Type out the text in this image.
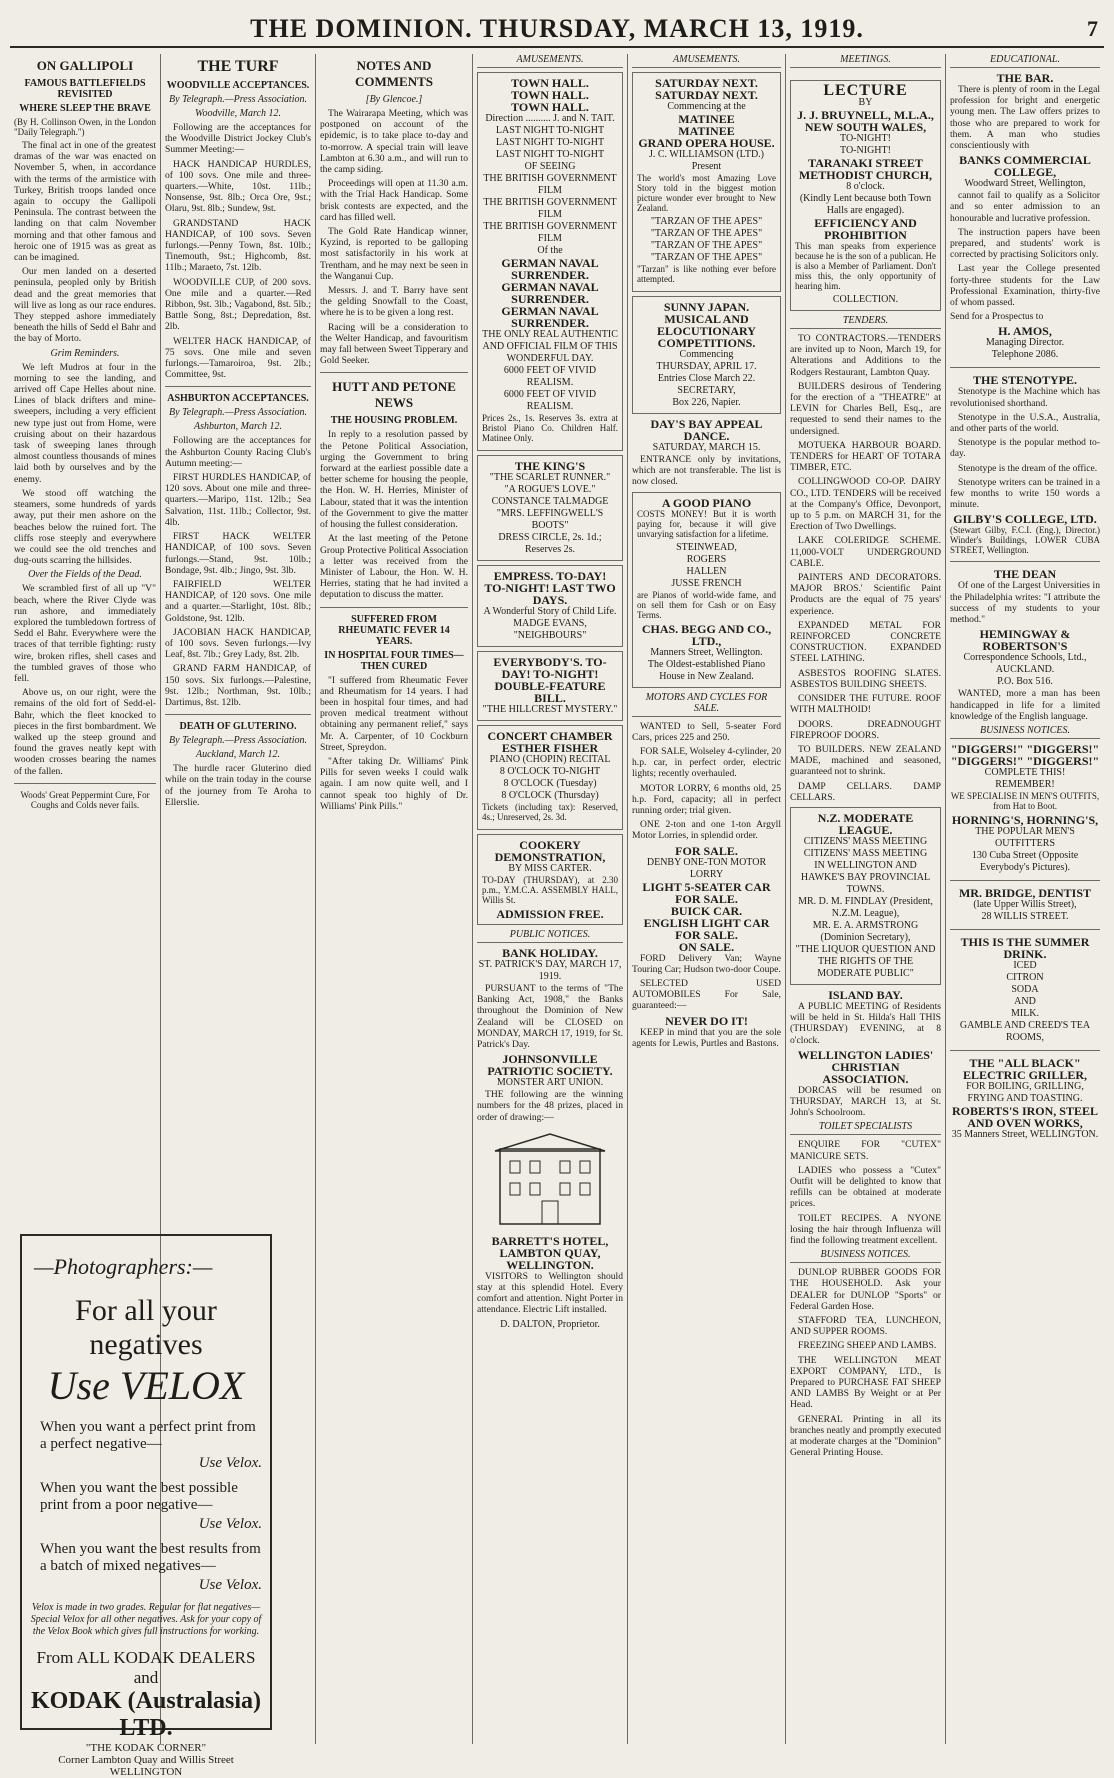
THE DOMINION. THURSDAY, MARCH 13, 1919.	7
ON GALLIPOLI
FAMOUS BATTLEFIELDS REVISITED
WHERE SLEEP THE BRAVE

(By H. Collinson Owen, in the London "Daily Telegraph.")

The final act in one of the greatest dramas of the war was enacted on November 5, when, in accordance with the terms of the armistice with Turkey, British troops landed once again to occupy the Gallipoli Peninsula. The contrast between the landing on that calm November morning and that other famous and heroic one of 1915 was as great as can be imagined.

Our men landed on a deserted peninsula, peopled only by British dead and the great memories that will live as long as our race endures. They stepped ashore immediately beneath the hills of Sedd el Bahr and the bay of Morto.

Grim Reminders.

We left Mudros at four in the morning to see the landing, and arrived off Cape Helles about nine. Lines of black drifters and mine-sweepers, including a very efficient new type just out from Home, were cruising about on their hazardous task of sweeping lanes through almost countless thousands of mines laid both by ourselves and by the enemy.

We stood off watching the steamers, some hundreds of yards away, put their men ashore on the beaches below the ruined fort. The cliffs rose steeply and everywhere we could see the old trenches and dug-outs scarring the hillsides.

Over the Fields of the Dead.

We scrambled first of all up "V" beach, where the River Clyde was run ashore, and immediately explored the tumbledown fortress of Sedd el Bahr. Everywhere were the traces of that terrible fighting: rusty wire, broken rifles, shell cases and the tumbled graves of those who fell.

Above us, on our right, were the remains of the old fort of Sedd-el-Bahr, which the fleet knocked to pieces in the first bombardment. We walked up the steep ground and found the graves neatly kept with wooden crosses bearing the names of the fallen.

Woods' Great Peppermint Cure, For Coughs and Colds never fails.

THE TURF
WOODVILLE ACCEPTANCES.
By Telegraph.—Press Association.
Woodville, March 12.

Following are the acceptances for the Woodville District Jockey Club's Summer Meeting:—

HACK HANDICAP HURDLES, of 100 sovs. One mile and three-quarters.—White, 10st. 11lb.; Nonsense, 9st. 8lb.; Orca Ore, 9st.; Olaru, 9st. 8lb.; Sundew, 9st.

GRANDSTAND HACK HANDICAP, of 100 sovs. Seven furlongs.—Penny Town, 8st. 10lb.; Tinemouth, 9st.; Highcomb, 8st. 11lb.; Maraeto, 7st. 12lb.

WOODVILLE CUP, of 200 sovs. One mile and a quarter.—Red Ribbon, 9st. 3lb.; Vagabond, 8st. 5lb.; Battle Song, 8st.; Depredation, 8st. 2lb.

WELTER HACK HANDICAP, of 75 sovs. One mile and seven furlongs.—Tamaroiroa, 9st. 2lb.; Committee, 9st.

ASHBURTON ACCEPTANCES.
By Telegraph.—Press Association.
Ashburton, March 12.

Following are the acceptances for the Ashburton County Racing Club's Autumn meeting:—

FIRST HURDLES HANDICAP, of 120 sovs. About one mile and three-quarters.—Maripo, 11st. 12lb.; Sea Salvation, 11st. 11lb.; Collector, 9st. 4lb.

FIRST HACK WELTER HANDICAP, of 100 sovs. Seven furlongs.—Stand, 9st. 10lb.; Bondage, 9st. 4lb.; Jingo, 9st. 3lb.

FAIRFIELD WELTER HANDICAP, of 120 sovs. One mile and a quarter.—Starlight, 10st. 8lb.; Goldstone, 9st. 12lb.

JACOBIAN HACK HANDICAP, of 100 sovs. Seven furlongs.—Ivy Leaf, 8st. 7lb.; Grey Lady, 8st. 2lb.

GRAND FARM HANDICAP, of 150 sovs. Six furlongs.—Palestine, 9st. 12lb.; Northman, 9st. 10lb.; Dartimus, 8st. 12lb.

DEATH OF GLUTERINO.
By Telegraph.—Press Association.
Auckland, March 12.

The hurdle racer Gluterino died while on the train today in the course of the journey from Te Aroha to Ellerslie.

—Photographers:—
For all your negatives
Use VELOX
When you want a perfect print from a perfect negative—
Use Velox.
When you want the best possible print from a poor negative—
Use Velox.
When you want the best results from a batch of mixed negatives—
Use Velox.
Velox is made in two grades. Regular for flat negatives—Special Velox for all other negatives. Ask for your copy of the Velox Book which gives full instructions for working.
From ALL KODAK DEALERS and
KODAK (Australasia) LTD.
"THE KODAK CORNER"
Corner Lambton Quay and Willis Street
WELLINGTON
NOTES AND COMMENTS
[By Glencoe.]

The Wairarapa Meeting, which was postponed on account of the epidemic, is to take place to-day and to-morrow. A special train will leave Lambton at 6.30 a.m., and will run to the camp siding.

Proceedings will open at 11.30 a.m. with the Trial Hack Handicap. Some brisk contests are expected, and the card has filled well.

The Gold Rate Handicap winner, Kyzind, is reported to be galloping most satisfactorily in his work at Trentham, and he may next be seen in the Wanganui Cup.

Messrs. J. and T. Barry have sent the gelding Snowfall to the Coast, where he is to be given a long rest.

Racing will be a consideration to the Welter Handicap, and favouritism may fall between Sweet Tipperary and Gold Seeker.

HUTT AND PETONE NEWS
THE HOUSING PROBLEM.

In reply to a resolution passed by the Petone Political Association, urging the Government to bring forward at the earliest possible date a better scheme for housing the people, the Hon. W. H. Herries, Minister of Labour, stated that it was the intention of the Government to give the matter of housing the fullest consideration.

At the last meeting of the Petone Group Protective Political Association a letter was received from the Minister of Labour, the Hon. W. H. Herries, stating that he had invited a deputation to discuss the matter.

SUFFERED FROM RHEUMATIC FEVER 14 YEARS.
IN HOSPITAL FOUR TIMES—THEN CURED

"I suffered from Rheumatic Fever and Rheumatism for 14 years. I had been in hospital four times, and had proven medical treatment without obtaining any permanent relief," says Mr. A. Carpenter, of 10 Cockburn Street, Spreydon.

"After taking Dr. Williams' Pink Pills for seven weeks I could walk again. I am now quite well, and I cannot speak too highly of Dr. Williams' Pink Pills."

AMUSEMENTS.
TOWN HALL.
TOWN HALL.
TOWN HALL.
Direction .......... J. and N. TAIT.
LAST NIGHT TO-NIGHT
LAST NIGHT TO-NIGHT
LAST NIGHT TO-NIGHT
OF SEEING
THE BRITISH GOVERNMENT FILM
THE BRITISH GOVERNMENT FILM
THE BRITISH GOVERNMENT FILM
Of the
GERMAN NAVAL SURRENDER.
GERMAN NAVAL SURRENDER.
GERMAN NAVAL SURRENDER.
THE ONLY REAL AUTHENTIC AND OFFICIAL FILM OF THIS WONDERFUL DAY.
6000 FEET OF VIVID REALISM.
6000 FEET OF VIVID REALISM.

Prices 2s., 1s. Reserves 3s. extra at Bristol Piano Co. Children Half. Matinee Only.

THE KING'S
"THE SCARLET RUNNER."
"A ROGUE'S LOVE."
CONSTANCE TALMADGE
"MRS. LEFFINGWELL'S BOOTS"
DRESS CIRCLE, 2s. 1d.; Reserves 2s.
EMPRESS. TO-DAY! TO-NIGHT! LAST TWO DAYS.
A Wonderful Story of Child Life.
MADGE EVANS,
"NEIGHBOURS"
EVERYBODY'S. TO-DAY! TO-NIGHT! DOUBLE-FEATURE BILL.
"THE HILLCREST MYSTERY."
CONCERT CHAMBER
ESTHER FISHER
PIANO (CHOPIN) RECITAL
8 O'CLOCK TO-NIGHT
8 O'CLOCK (Tuesday)
8 O'CLOCK (Thursday)

Tickets (including tax): Reserved, 4s.; Unreserved, 2s. 3d.

COOKERY DEMONSTRATION,
BY MISS CARTER.

TO-DAY (THURSDAY), at 2.30 p.m., Y.M.C.A. ASSEMBLY HALL, Willis St.

ADMISSION FREE.
PUBLIC NOTICES.
BANK HOLIDAY.
ST. PATRICK'S DAY, MARCH 17, 1919.

PURSUANT to the terms of "The Banking Act, 1908," the Banks throughout the Dominion of New Zealand will be CLOSED on MONDAY, MARCH 17, 1919, for St. Patrick's Day.

JOHNSONVILLE PATRIOTIC SOCIETY.
MONSTER ART UNION.

THE following are the winning numbers for the 48 prizes, placed in order of drawing:—

BARRETT'S HOTEL, LAMBTON QUAY, WELLINGTON.

VISITORS to Wellington should stay at this splendid Hotel. Every comfort and attention. Night Porter in attendance. Electric Lift installed.

D. DALTON, Proprietor.
AMUSEMENTS.
SATURDAY NEXT.
SATURDAY NEXT.
Commencing at the
MATINEE
MATINEE
GRAND OPERA HOUSE.
J. C. WILLIAMSON (LTD.)
Present

The world's most Amazing Love Story told in the biggest motion picture wonder ever brought to New Zealand.

"TARZAN OF THE APES"
"TARZAN OF THE APES"
"TARZAN OF THE APES"
"TARZAN OF THE APES"

"Tarzan" is like nothing ever before attempted.

SUNNY JAPAN.
MUSICAL AND ELOCUTIONARY COMPETITIONS.
Commencing
THURSDAY, APRIL 17.
Entries Close March 22.
SECRETARY,
Box 226, Napier.
DAY'S BAY APPEAL DANCE.
SATURDAY, MARCH 15.

ENTRANCE only by invitations, which are not transferable. The list is now closed.

A GOOD PIANO

COSTS MONEY! But it is worth paying for, because it will give unvarying satisfaction for a lifetime.

STEINWEAD,
ROGERS
HALLEN
JUSSE FRENCH

are Pianos of world-wide fame, and on sell them for Cash or on Easy Terms.

CHAS. BEGG AND CO., LTD.,
Manners Street, Wellington.
The Oldest-established Piano House in New Zealand.
MOTORS AND CYCLES FOR SALE.

WANTED to Sell, 5-seater Ford Cars, prices 225 and 250.

FOR SALE, Wolseley 4-cylinder, 20 h.p. car, in perfect order, electric lights; recently overhauled.

MOTOR LORRY, 6 months old, 25 h.p. Ford, capacity; all in perfect running order; trial given.

ONE 2-ton and one 1-ton Argyll Motor Lorries, in splendid order.

FOR SALE.
DENBY ONE-TON MOTOR LORRY
LIGHT 5-SEATER CAR FOR SALE.
BUICK CAR.
ENGLISH LIGHT CAR FOR SALE.
ON SALE.

FORD Delivery Van; Wayne Touring Car; Hudson two-door Coupe.

SELECTED USED AUTOMOBILES For Sale, guaranteed:—

NEVER DO IT!

KEEP in mind that you are the sole agents for Lewis, Purtles and Bastons.

MEETINGS.
LECTURE
BY
J. J. BRUYNELL, M.L.A., NEW SOUTH WALES,
TO-NIGHT!
TO-NIGHT!
TARANAKI STREET METHODIST CHURCH,
8 o'clock.
(Kindly Lent because both Town Halls are engaged).
EFFICIENCY AND PROHIBITION

This man speaks from experience because he is the son of a publican. He is also a Member of Parliament. Don't miss this, the only opportunity of hearing him.

COLLECTION.
TENDERS.

TO CONTRACTORS.—TENDERS are invited up to Noon, March 19, for Alterations and Additions to the Rodgers Restaurant, Lambton Quay.

BUILDERS desirous of Tendering for the erection of a "THEATRE" at LEVIN for Charles Bell, Esq., are requested to send their names to the undersigned.

MOTUEKA HARBOUR BOARD. TENDERS for HEART OF TOTARA TIMBER, ETC.

COLLINGWOOD CO-OP. DAIRY CO., LTD. TENDERS will be received at the Company's Office, Devonport, up to 5 p.m. on MARCH 31, for the Erection of Two Dwellings.

LAKE COLERIDGE SCHEME. 11,000-VOLT UNDERGROUND CABLE.

PAINTERS AND DECORATORS. MAJOR BROS.' Scientific Paint Products are the equal of 75 years' experience.

EXPANDED METAL FOR REINFORCED CONCRETE CONSTRUCTION. EXPANDED STEEL LATHING.

ASBESTOS ROOFING SLATES. ASBESTOS BUILDING SHEETS.

CONSIDER THE FUTURE. ROOF WITH MALTHOID!

DOORS. DREADNOUGHT FIREPROOF DOORS.

TO BUILDERS. NEW ZEALAND MADE, machined and seasoned, guaranteed not to shrink.

DAMP CELLARS. DAMP CELLARS.

N.Z. MODERATE LEAGUE.
CITIZENS' MASS MEETING
CITIZENS' MASS MEETING
IN WELLINGTON AND HAWKE'S BAY PROVINCIAL TOWNS.
MR. D. M. FINDLAY (President, N.Z.M. League),
MR. E. A. ARMSTRONG (Dominion Secretary),
"THE LIQUOR QUESTION AND THE RIGHTS OF THE MODERATE PUBLIC"
ISLAND BAY.

A PUBLIC MEETING of Residents will be held in St. Hilda's Hall THIS (THURSDAY) EVENING, at 8 o'clock.

WELLINGTON LADIES' CHRISTIAN ASSOCIATION.

DORCAS will be resumed on THURSDAY, MARCH 13, at St. John's Schoolroom.

TOILET SPECIALISTS

ENQUIRE FOR "CUTEX" MANICURE SETS.

LADIES who possess a "Cutex" Outfit will be delighted to know that refills can be obtained at moderate prices.

TOILET RECIPES. A NYONE losing the hair through Influenza will find the following treatment excellent.

BUSINESS NOTICES.

DUNLOP RUBBER GOODS FOR THE HOUSEHOLD. Ask your DEALER for DUNLOP "Sports" or Federal Garden Hose.

STAFFORD TEA, LUNCHEON, AND SUPPER ROOMS.

FREEZING SHEEP AND LAMBS.

THE WELLINGTON MEAT EXPORT COMPANY, LTD., Is Prepared to PURCHASE FAT SHEEP AND LAMBS By Weight or at Per Head.

GENERAL Printing in all its branches neatly and promptly executed at moderate charges at the "Dominion" General Printing House.

EDUCATIONAL.
THE BAR.

There is plenty of room in the Legal profession for bright and energetic young men. The Law offers prizes to those who are prepared to work for them. A man who studies conscientiously with

BANKS COMMERCIAL COLLEGE,
Woodward Street, Wellington,

cannot fail to qualify as a Solicitor and so enter admission to an honourable and lucrative profession.

The instruction papers have been prepared, and students' work is corrected by practising Solicitors only.

Last year the College presented forty-three students for the Law Professional Examination, thirty-five of whom passed.

Send for a Prospectus to

H. AMOS,
Managing Director.
Telephone 2086.
THE STENOTYPE.

Stenotype is the Machine which has revolutionised shorthand.

Stenotype in the U.S.A., Australia, and other parts of the world.

Stenotype is the popular method to-day.

Stenotype is the dream of the office.

Stenotype writers can be trained in a few months to write 150 words a minute.

GILBY'S COLLEGE, LTD.

(Stewart Gilby, F.C.I. (Eng.), Director.) Winder's Buildings, LOWER CUBA STREET, Wellington.

THE DEAN

Of one of the Largest Universities in the Philadelphia writes: "I attribute the success of my students to your method."

HEMINGWAY & ROBERTSON'S
Correspondence Schools, Ltd.,
AUCKLAND.
P.O. Box 516.

WANTED, more a man has been handicapped in life for a limited knowledge of the English language.

BUSINESS NOTICES.
"DIGGERS!" "DIGGERS!"
"DIGGERS!" "DIGGERS!"
COMPLETE THIS!
REMEMBER!

WE SPECIALISE IN MEN'S OUTFITS, from Hat to Boot.

HORNING'S, HORNING'S,
THE POPULAR MEN'S OUTFITTERS
130 Cuba Street (Opposite Everybody's Pictures).
MR. BRIDGE, DENTIST
(late Upper Willis Street),
28 WILLIS STREET.
THIS IS THE SUMMER DRINK.
ICED
CITRON
SODA
AND
MILK.
GAMBLE AND CREED'S TEA ROOMS,
THE "ALL BLACK" ELECTRIC GRILLER,
FOR BOILING, GRILLING, FRYING AND TOASTING.
ROBERTS'S IRON, STEEL AND OVEN WORKS,
35 Manners Street, WELLINGTON.
